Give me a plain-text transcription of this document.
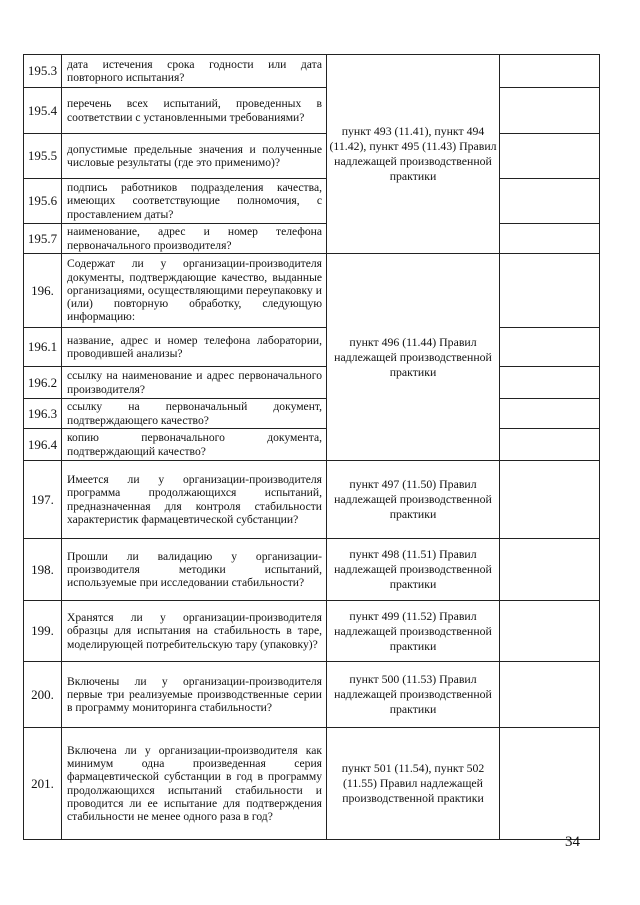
195.3	дата истечения срока годности или дата повторного испытания?	пункт 493 (11.41), пункт 494 (11.42), пункт 495 (11.43) Правил надлежащей производственной практики		
195.4	перечень всех испытаний, проведенных в соответствии с установленными требованиями?		

195.5	допустимые предельные значения и полученные числовые результаты (где это применимо)?		

195.6	подпись работников подразделения качества, имеющих соответствующие полномочия, с проставлением даты?		

195.7	наименование, адрес и номер телефона первоначального производителя?		

196.	Содержат ли у организации-производителя документы, подтверждающие качество, выданные организациями, осуществляющими переупаковку и (или) повторную обработку, следующую информацию:	пункт 496 (11.44) Правил надлежащей производственной практики		
196.1	название, адрес и номер телефона лаборатории, проводившей анализы?		

196.2	ссылку на наименование и адрес первоначального производителя?		

196.3	ссылку на первоначальный документ, подтверждающего качество?		

196.4	копию первоначального документа, подтверждающий качество?		

197.	Имеется ли у организации-производителя программа продолжающихся испытаний, предназначенная для контроля стабильности характеристик фармацевтической субстанции?	пункт 497 (11.50) Правил надлежащей производственной практики		
198.	Прошли ли валидацию у организации-производителя методики испытаний, используемые при исследовании стабильности?	пункт 498 (11.51) Правил надлежащей производственной практики		
199.	Хранятся ли у организации-производителя образцы для испытания на стабильность в таре, моделирующей потребительскую тару (упаковку)?	пункт 499 (11.52) Правил надлежащей производственной практики		
200.	Включены ли у организации-производителя первые три реализуемые производственные серии в программу мониторинга стабильности?	пункт 500 (11.53) Правил надлежащей производственной практики		
201.	Включена ли у организации-производителя как минимум одна произведенная серия фармацевтической субстанции в год в программу продолжающихся испытаний стабильности и проводится ли ее испытание для подтверждения стабильности не менее одного раза в год?	пункт 501 (11.54), пункт 502 (11.55) Правил надлежащей производственной практики		
34
